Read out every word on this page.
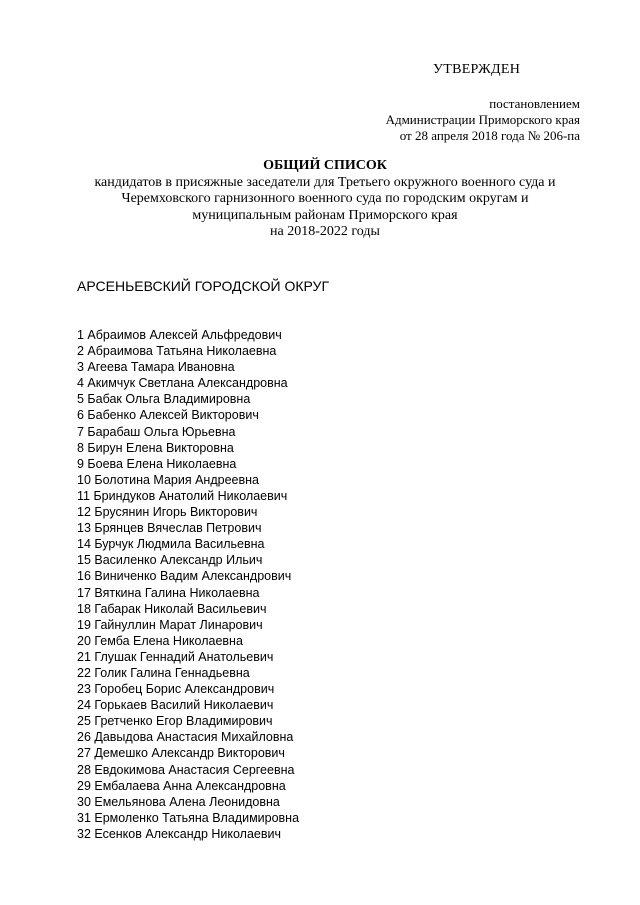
УТВЕРЖДЕН
постановлением
Администрации Приморского края
от 28 апреля 2018 года № 206-па
ОБЩИЙ СПИСОК
кандидатов в присяжные заседатели для Третьего окружного военного суда и
Черемховского гарнизонного военного суда по городским округам и
муниципальным районам Приморского края
на 2018-2022 годы
АРСЕНЬЕВСКИЙ ГОРОДСКОЙ ОКРУГ
1 Абраимов Алексей Альфредович
2 Абраимова Татьяна Николаевна
3 Агеева Тамара Ивановна
4 Акимчук Светлана Александровна
5 Бабак Ольга Владимировна
6 Бабенко Алексей Викторович
7 Барабаш Ольга Юрьевна
8 Бирун Елена Викторовна
9 Боева Елена Николаевна
10 Болотина Мария Андреевна
11 Бриндуков Анатолий Николаевич
12 Брусянин Игорь Викторович
13 Брянцев Вячеслав Петрович
14 Бурчук Людмила Васильевна
15 Василенко Александр Ильич
16 Виниченко Вадим Александрович
17 Вяткина Галина Николаевна
18 Габарак Николай Васильевич
19 Гайнуллин Марат Линарович
20 Гемба Елена Николаевна
21 Глушак Геннадий Анатольевич
22 Голик Галина Геннадьевна
23 Горобец Борис Александрович
24 Горькаев Василий Николаевич
25 Гретченко Егор Владимирович
26 Давыдова Анастасия Михайловна
27 Демешко Александр Викторович
28 Евдокимова Анастасия Сергеевна
29 Ембалаева Анна Александровна
30 Емельянова Алена Леонидовна
31 Ермоленко Татьяна Владимировна
32 Есенков Александр Николаевич
